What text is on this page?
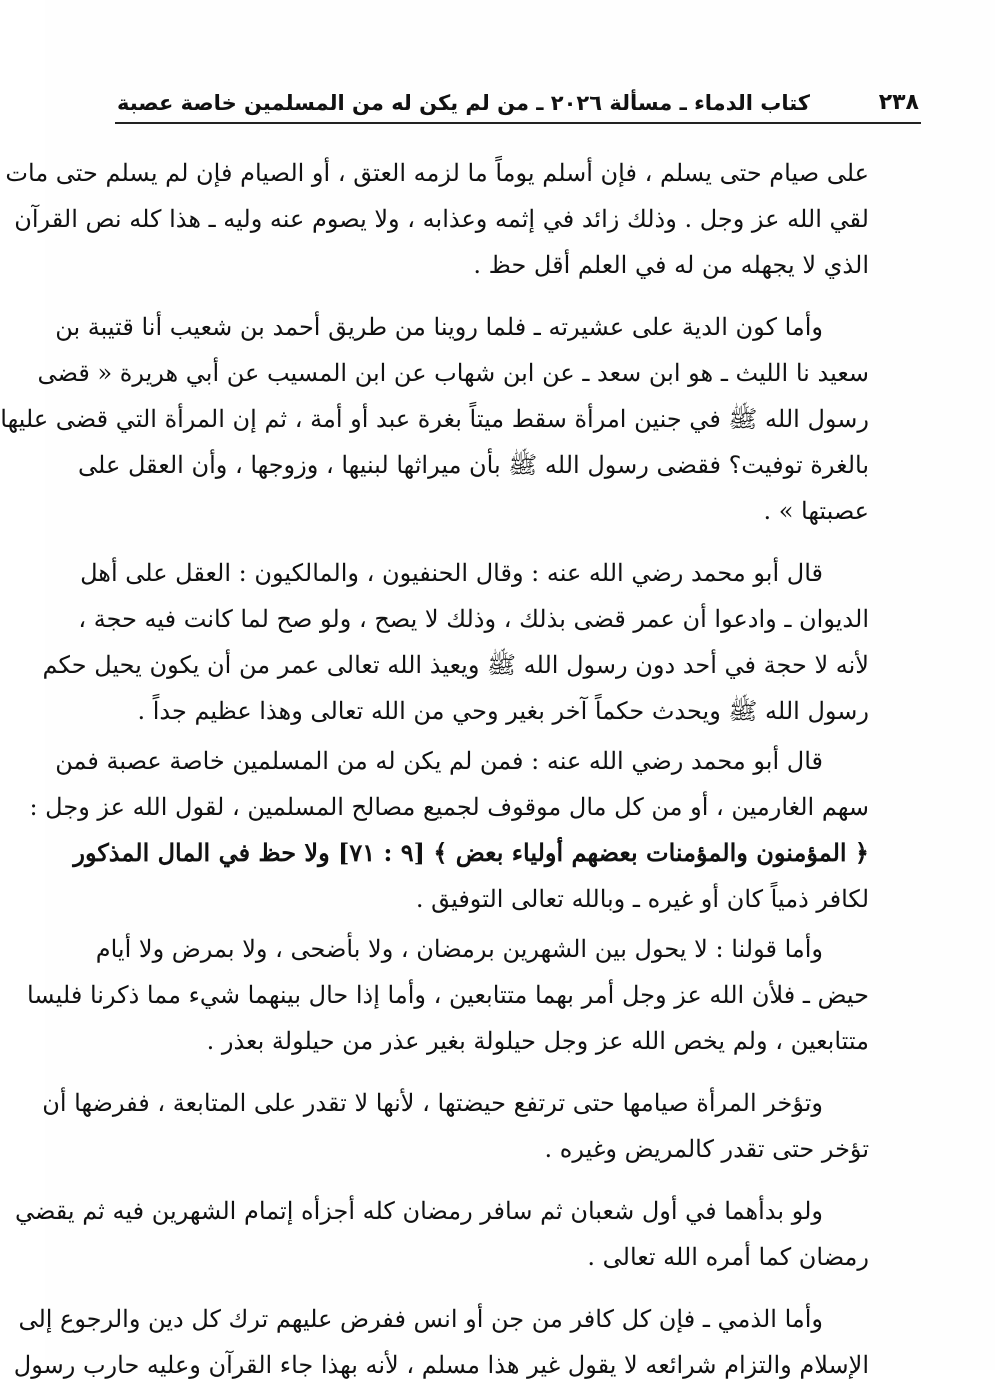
٢٣٨
كتاب الدماء ـ مسألة ٢٠٢٦ ـ من لم يكن له من المسلمين خاصة عصبة
على صيام حتى يسلم ، فإن أسلم يوماً ما لزمه العتق ، أو الصيام فإن لم يسلم حتى مات
لقي الله عز وجل . وذلك زائد في إثمه وعذابه ، ولا يصوم عنه وليه ـ هذا كله نص القرآن
الذي لا يجهله من له في العلم أقل حظ .
وأما كون الدية على عشيرته ـ فلما روينا من طريق أحمد بن شعيب أنا قتيبة بن
سعيد نا الليث ـ هو ابن سعد ـ عن ابن شهاب عن ابن المسيب عن أبي هريرة « قضى
رسول الله ﷺ في جنين امرأة سقط ميتاً بغرة عبد أو أمة ، ثم إن المرأة التي قضى عليها
بالغرة توفيت؟ فقضى رسول الله ﷺ بأن ميراثها لبنيها ، وزوجها ، وأن العقل على
عصبتها » .
قال أبو محمد رضي الله عنه : وقال الحنفيون ، والمالكيون : العقل على أهل
الديوان ـ وادعوا أن عمر قضى بذلك ، وذلك لا يصح ، ولو صح لما كانت فيه حجة ،
لأنه لا حجة في أحد دون رسول الله ﷺ ويعيذ الله تعالى عمر من أن يكون يحيل حكم
رسول الله ﷺ ويحدث حكماً آخر بغير وحي من الله تعالى وهذا عظيم جداً .
قال أبو محمد رضي الله عنه : فمن لم يكن له من المسلمين خاصة عصبة فمن
سهم الغارمين ، أو من كل مال موقوف لجميع مصالح المسلمين ، لقول الله عز وجل :
﴿ المؤمنون والمؤمنات بعضهم أولياء بعض ﴾ [٩ : ٧١] ولا حظ في المال المذكور
لكافر ذمياً كان أو غيره ـ وبالله تعالى التوفيق .
وأما قولنا : لا يحول بين الشهرين برمضان ، ولا بأضحى ، ولا بمرض ولا أيام
حيض ـ فلأن الله عز وجل أمر بهما متتابعين ، وأما إذا حال بينهما شيء مما ذكرنا فليسا
متتابعين ، ولم يخص الله عز وجل حيلولة بغير عذر من حيلولة بعذر .
وتؤخر المرأة صيامها حتى ترتفع حيضتها ، لأنها لا تقدر على المتابعة ، ففرضها أن
تؤخر حتى تقدر كالمريض وغيره .
ولو بدأهما في أول شعبان ثم سافر رمضان كله أجزأه إتمام الشهرين فيه ثم يقضي
رمضان كما أمره الله تعالى .
وأما الذمي ـ فإن كل كافر من جن أو انس ففرض عليهم ترك كل دين والرجوع إلى
الإسلام والتزام شرائعه لا يقول غير هذا مسلم ، لأنه بهذا جاء القرآن وعليه حارب رسول
